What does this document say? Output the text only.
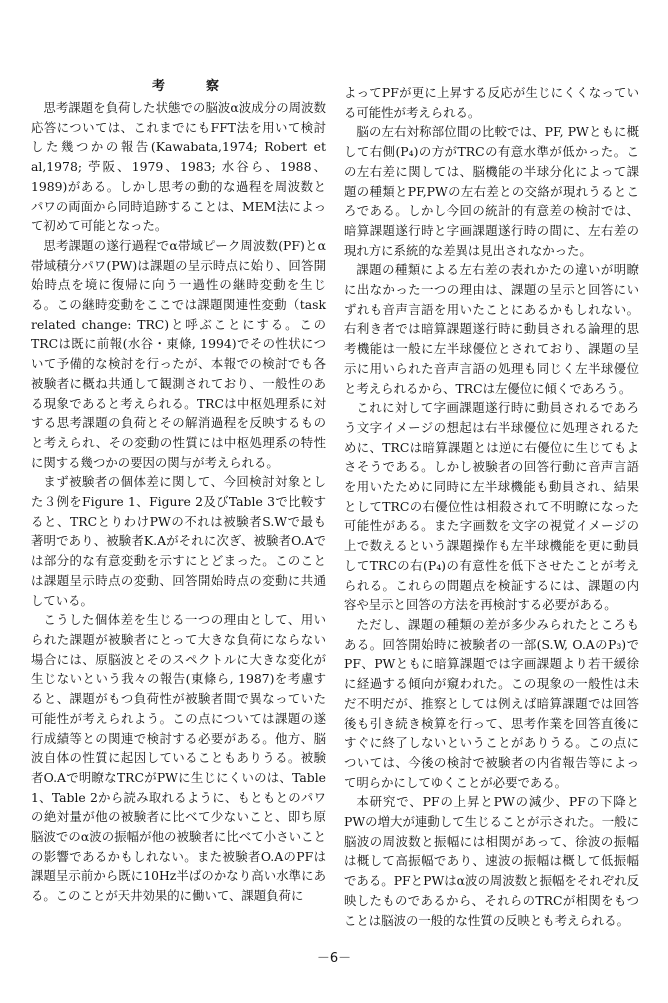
思考課題を負荷した状態での脳波α波成分の周波数応答については、これまでにもFFT法を用いて検討した幾つかの報告(Kawabata,1974; Robert et al,1978; 苧阪、1979、1983; 水谷ら、1988、1989)がある。しかし思考の動的な過程を周波数とパワの両面から同時追跡することは、MEM法によって初めて可能となった。

思考課題の遂行過程でα帯域ピーク周波数(PF)とα帯域積分パワ(PW)は課題の呈示時点に始り、回答開始時点を境に復帰に向う一過性の継時変動を生じる。この継時変動をここでは課題関連性変動（task related change: TRC)と呼ぶことにする。このTRCは既に前報(水谷・東條, 1994)でその性状について予備的な検討を行ったが、本報での検討でも各被験者に概ね共通して観測されており、一般性のある現象であると考えられる。TRCは中枢処理系に対する思考課題の負荷とその解消過程を反映するものと考えられ、その変動の性質には中枢処理系の特性に関する幾つかの要因の関与が考えられる。

まず被験者の個体差に関して、今回検討対象とした３例をFigure 1、Figure 2及びTable 3で比較すると、TRCとりわけPWの不れは被験者S.Wで最も著明であり、被験者K.Aがそれに次ぎ、被験者O.Aでは部分的な有意変動を示すにとどまった。このことは課題呈示時点の変動、回答開始時点の変動に共通している。

こうした個体差を生じる一つの理由として、用いられた課題が被験者にとって大きな負荷にならない場合には、原脳波とそのスペクトルに大きな変化が生じないという我々の報告(東條ら, 1987)を考慮すると、課題がもつ負荷性が被験者間で異なっていた可能性が考えられよう。この点については課題の遂行成績等との関連で検討する必要がある。他方、脳波自体の性質に起因していることもありうる。被験者O.Aで明瞭なTRCがPWに生じにくいのは、Table 1、Table 2から読み取れるように、もともとのパワの絶対量が他の被験者に比べて少ないこと、即ち原脳波でのα波の振幅が他の被験者に比べて小さいことの影響であるかもしれない。また被験者O.AのPFは課題呈示前から既に10Hz半ばのかなり高い水準にある。このことが天井効果的に働いて、課題負荷に

考　察	よってPFが更に上昇する反応が生じにくくなっている可能性が考えられる。

脳の左右対称部位間の比較では、PF, PWともに概して右側(P₄)の方がTRCの有意水準が低かった。この左右差に関しては、脳機能の半球分化によって課題の種類とPF,PWの左右差との交絡が現れうるところである。しかし今回の統計的有意差の検討では、暗算課題遂行時と字画課題遂行時の間に、左右差の現れ方に系統的な差異は見出されなかった。

課題の種類による左右差の表れかたの違いが明瞭に出なかった一つの理由は、課題の呈示と回答にいずれも音声言語を用いたことにあるかもしれない。右利き者では暗算課題遂行時に動員される論理的思考機能は一般に左半球優位とされており、課題の呈示に用いられた音声言語の処理も同じく左半球優位と考えられるから、TRCは左優位に傾くであろう。

これに対して字画課題遂行時に動員されるであろう文字イメージの想起は右半球優位に処理されるために、TRCは暗算課題とは逆に右優位に生じてもよさそうである。しかし被験者の回答行動に音声言語を用いたために同時に左半球機能も動員され、結果としてTRCの右優位性は相殺されて不明瞭になった可能性がある。また字画数を文字の視覚イメージの上で数えるという課題操作も左半球機能を更に動員してTRCの右(P₄)の有意性を低下させたことが考えられる。これらの問題点を検証するには、課題の内容や呈示と回答の方法を再検討する必要がある。

ただし、課題の種類の差が多少みられたところもある。回答開始時に被験者の一部(S.W, O.AのP₃)でPF、PWともに暗算課題では字画課題より若干緩徐に経過する傾向が窺われた。この現象の一般性は未だ不明だが、推察としては例えば暗算課題では回答後も引き続き検算を行って、思考作業を回答直後にすぐに終了しないということがありうる。この点については、今後の検討で被験者の内省報告等によって明らかにしてゆくことが必要である。

本研究で、PFの上昇とPWの減少、PFの下降とPWの増大が連動して生じることが示された。一般に脳波の周波数と振幅には相関があって、徐波の振幅は概して高振幅であり、速波の振幅は概して低振幅である。PFとPWはα波の周波数と振幅をそれぞれ反映したものであるから、それらのTRCが相関をもつことは脳波の一般的な性質の反映とも考えられる。

－6－
